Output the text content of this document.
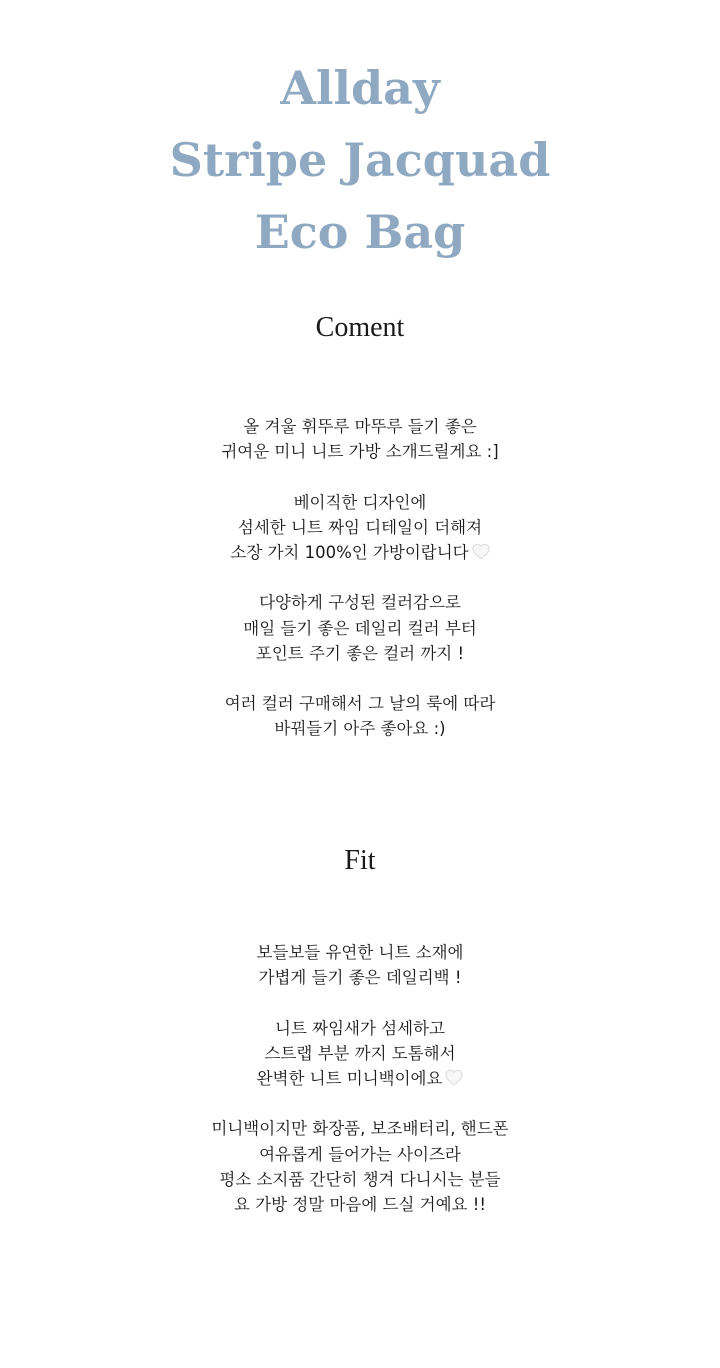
Allday
Stripe Jacquad
Eco Bag
Coment

올 겨울 휘뚜루 마뚜루 들기 좋은
귀여운 미니 니트 가방 소개드릴게요 :]

베이직한 디자인에
섬세한 니트 짜임 디테일이 더해져
소장 가치 100%인 가방이랍니다

다양하게 구성된 컬러감으로
매일 들기 좋은 데일리 컬러 부터
포인트 주기 좋은 컬러 까지 !

여러 컬러 구매해서 그 날의 룩에 따라
바꿔들기 아주 좋아요 :)

Fit

보들보들 유연한 니트 소재에
가볍게 들기 좋은 데일리백 !

니트 짜임새가 섬세하고
스트랩 부분 까지 도톰해서
완벽한 니트 미니백이에요

미니백이지만 화장품, 보조배터리, 핸드폰
여유롭게 들어가는 사이즈라
평소 소지품 간단히 챙겨 다니시는 분들
요 가방 정말 마음에 드실 거예요 !!
